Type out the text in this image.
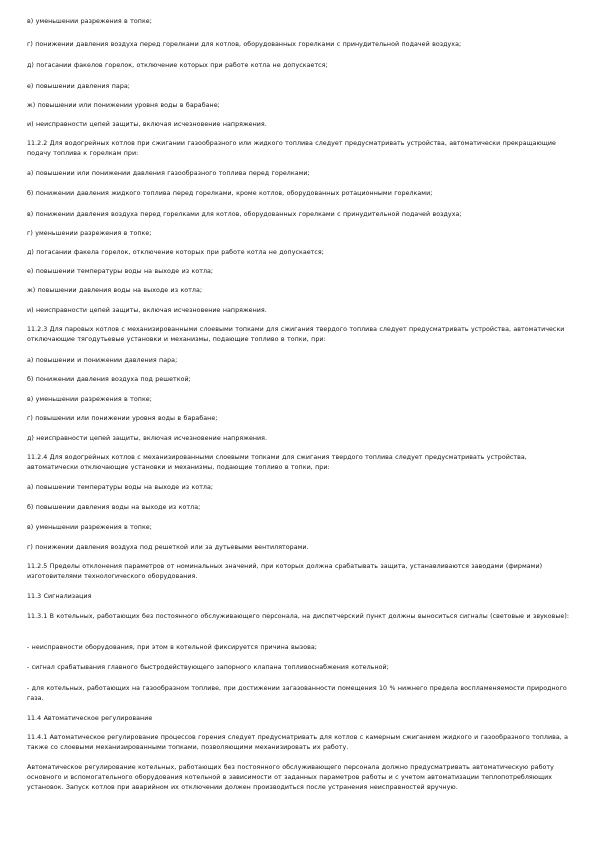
в) уменьшении разрежения в топке;
г) понижении давления воздуха перед горелками для котлов, оборудованных горелками с принудительной подачей воздуха;
д) погасании факелов горелок, отключение которых при работе котла не допускается;
е) повышении давления пара;
ж) повышении или понижении уровня воды в барабане;
и) неисправности цепей защиты, включая исчезновение напряжения.
11.2.2 Для водогрейных котлов при сжигании газообразного или жидкого топлива следует предусматривать устройства, автоматически прекращающие подачу топлива к горелкам при:
а) повышении или понижении давления газообразного топлива перед горелками;
б) понижении давления жидкого топлива перед горелками, кроме котлов, оборудованных ротационными горелками;
в) понижении давления воздуха перед горелками для котлов, оборудованных горелками с принудительной подачей воздуха;
г) уменьшении разрежения в топке;
д) погасании факела горелок, отключение которых при работе котла не допускается;
е) повышении температуры воды на выходе из котла;
ж) повышении давления воды на выходе из котла;
и) неисправности цепей защиты, включая исчезновение напряжения.
11.2.3 Для паровых котлов с механизированными слоевыми топками для сжигания твердого топлива следует предусматривать устройства, автоматически отключающие тягодутьевые установки и механизмы, подающие топливо в топки, при:
а) повышении и понижении давления пара;
б) понижении давления воздуха под решеткой;
в) уменьшении разрежения в топке;
г) повышении или понижении уровня воды в барабане;
д) неисправности цепей защиты, включая исчезновение напряжения.
11.2.4 Для водогрейных котлов с механизированными слоевыми топками для сжигания твердого топлива следует предусматривать устройства, автоматически отключающие установки и механизмы, подающие топливо в топки, при:
а) повышении температуры воды на выходе из котла;
б) повышении давления воды на выходе из котла;
в) уменьшении разрежения в топке;
г) понижении давления воздуха под решеткой или за дутьевыми вентиляторами.
11.2.5 Пределы отклонения параметров от номинальных значений, при которых должна срабатывать защита, устанавливаются заводами (фирмами) изготовителями технологического оборудования.
11.3 Сигнализация
11.3.1 В котельных, работающих без постоянного обслуживающего персонала, на диспетчерский пункт должны выноситься сигналы (световые и звуковые):
- неисправности оборудования, при этом в котельной фиксируется причина вызова;
- сигнал срабатывания главного быстродействующего запорного клапана топливоснабжения котельной;
- для котельных, работающих на газообразном топливе, при достижении загазованности помещения 10 % нижнего предела воспламеняемости природного газа.
11.4 Автоматическое регулирование
11.4.1 Автоматическое регулирование процессов горения следует предусматривать для котлов с камерным сжиганием жидкого и газообразного топлива, а также со слоевыми механизированными топками, позволяющими механизировать их работу.
Автоматическое регулирование котельных, работающих без постоянного обслуживающего персонала должно предусматривать автоматическую работу основного и вспомогательного оборудования котельной в зависимости от заданных параметров работы и с учетом автоматизации теплопотребляющих установок. Запуск котлов при аварийном их отключении должен производиться после устранения неисправностей вручную.
